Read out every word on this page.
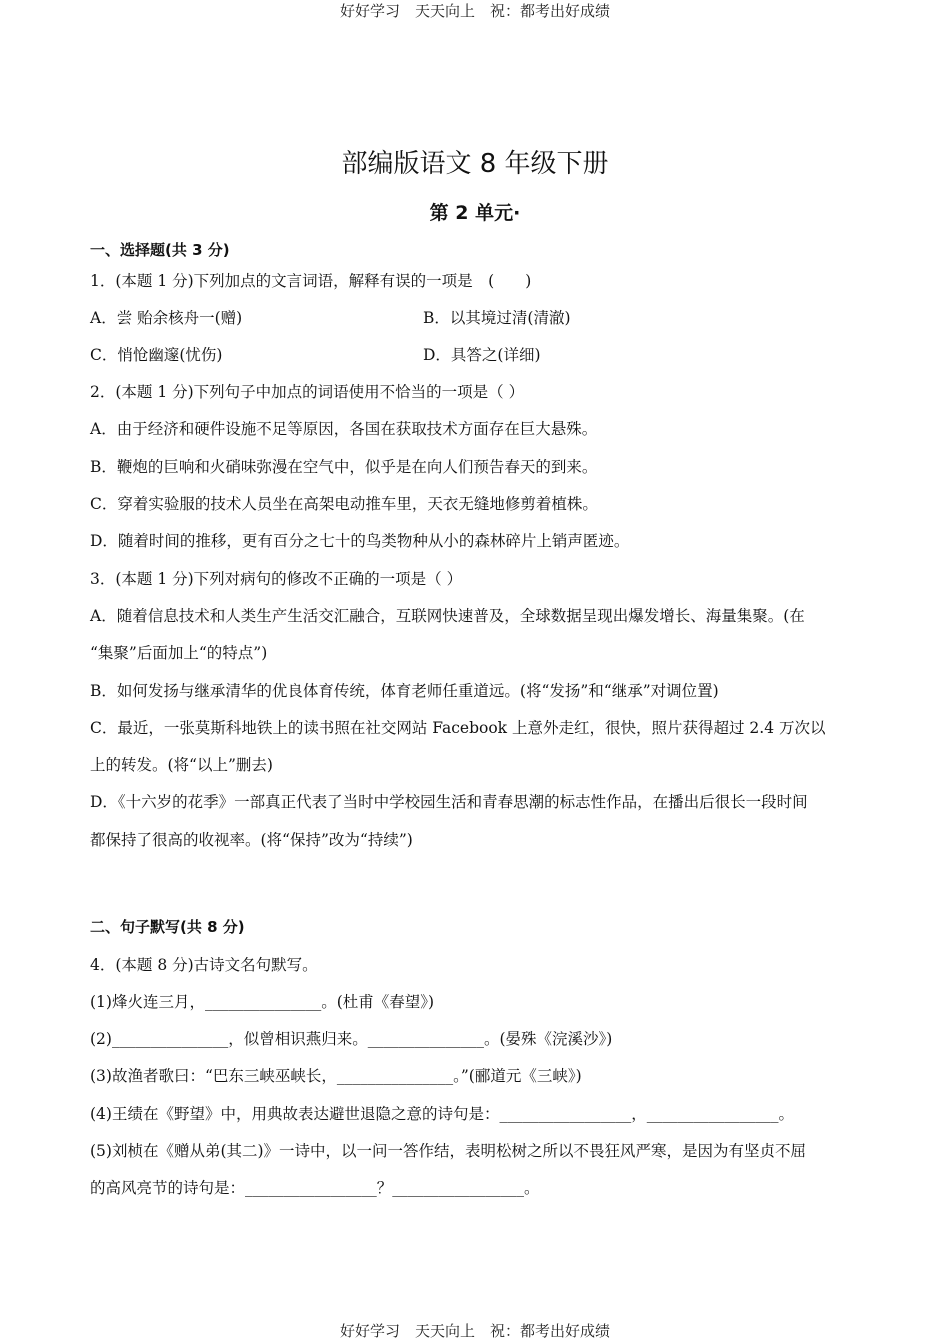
好好学习　天天向上　祝：都考出好成绩
部编版语文 8 年级下册
第 2 单元·
一、选择题(共 3 分)
1．(本题 1 分)下列加点的文言词语，解释有误的一项是　(　　)
A．尝 贻余核舟一(赠)	B．以其境过清(清澈)
C．悄怆幽邃(忧伤)	D．具答之(详细)
2．(本题 1 分)下列句子中加点的词语使用不恰当的一项是（ ）
A．由于经济和硬件设施不足等原因，各国在获取技术方面存在巨大悬殊。
B．鞭炮的巨响和火硝味弥漫在空气中，似乎是在向人们预告春天的到来。
C．穿着实验服的技术人员坐在高架电动推车里，天衣无缝地修剪着植株。
D．随着时间的推移，更有百分之七十的鸟类物种从小的森林碎片上销声匿迹。
3．(本题 1 分)下列对病句的修改不正确的一项是（ ）
A．随着信息技术和人类生产生活交汇融合，互联网快速普及，全球数据呈现出爆发增长、海量集聚。(在
“集聚”后面加上“的特点”)
B．如何发扬与继承清华的优良体育传统，体育老师任重道远。(将“发扬”和“继承”对调位置)
C．最近，一张莫斯科地铁上的读书照在社交网站 Facebook 上意外走红，很快，照片获得超过 2.4 万次以
上的转发。(将“以上”删去)
D．《十六岁的花季》一部真正代表了当时中学校园生活和青春思潮的标志性作品，在播出后很长一段时间
都保持了很高的收视率。(将“保持”改为“持续”)
二、句子默写(共 8 分)
4．(本题 8 分)古诗文名句默写。
(1)烽火连三月，_______________。(杜甫《春望》)
(2)_______________，似曾相识燕归来。_______________。(晏殊《浣溪沙》)
(3)故渔者歌曰：“巴东三峡巫峡长，_______________。”(郦道元《三峡》)
(4)王绩在《野望》中，用典故表达避世退隐之意的诗句是：_________________，_________________。
(5)刘桢在《赠从弟(其二)》一诗中，以一问一答作结，表明松树之所以不畏狂风严寒，是因为有坚贞不屈
的高风亮节的诗句是：_________________？_________________。
好好学习　天天向上　祝：都考出好成绩
